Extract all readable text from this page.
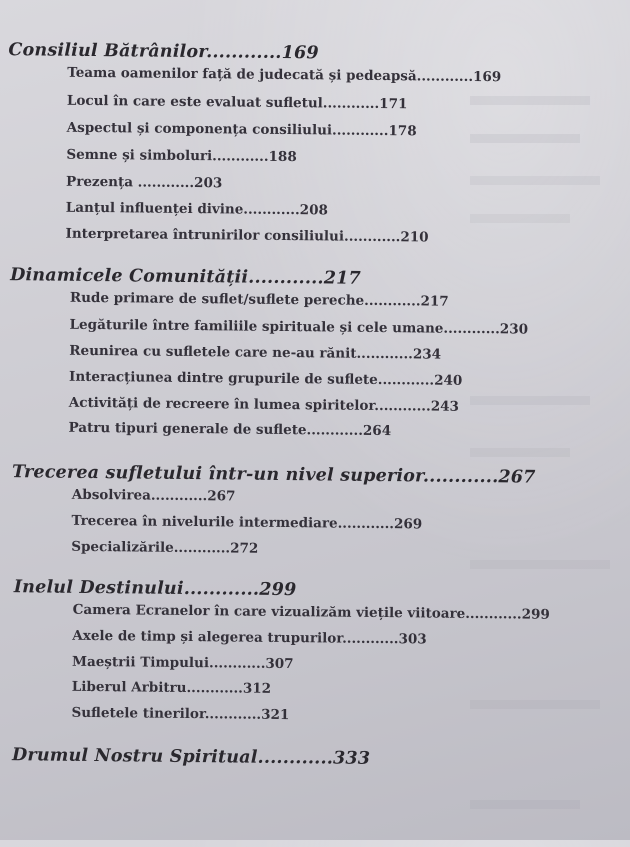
Consiliul Bătrânilor............169
Teama oamenilor față de judecată și pedeapsă............169
Locul în care este evaluat sufletul............171
Aspectul și componența consiliului............178
Semne și simboluri............188
Prezența ............203
Lanțul influenței divine............208
Interpretarea întrunirilor consiliului............210
Dinamicele Comunității............217
Rude primare de suflet/suflete pereche............217
Legăturile între familiile spirituale și cele umane............230
Reunirea cu sufletele care ne-au rănit............234
Interacțiunea dintre grupurile de suflete............240
Activități de recreere în lumea spiritelor............243
Patru tipuri generale de suflete............264
Trecerea sufletului într-un nivel superior............267
Absolvirea............267
Trecerea în nivelurile intermediare............269
Specializările............272
Inelul Destinului............299
Camera Ecranelor în care vizualizăm viețile viitoare............299
Axele de timp și alegerea trupurilor............303
Maeștrii Timpului............307
Liberul Arbitru............312
Sufletele tinerilor............321
Drumul Nostru Spiritual............333
